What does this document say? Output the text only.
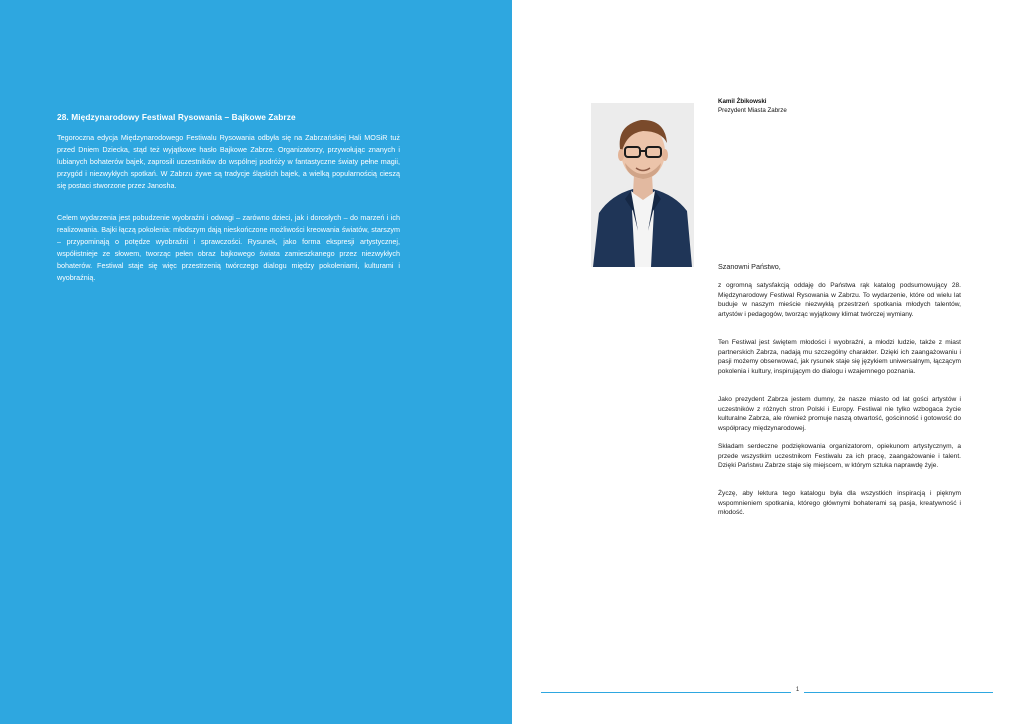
28. Międzynarodowy Festiwal Rysowania – Bajkowe Zabrze

Tegoroczna edycja Międzynarodowego Festiwalu Rysowania odbyła się na Zabrzańskiej Hali MOSiR tuż przed Dniem Dziecka, stąd też wyjątkowe hasło Bajkowe Zabrze. Organizatorzy, przywołując znanych i lubianych bohaterów bajek, zaprosili uczestników do wspólnej podróży w fantastyczne światy pełne magii, przygód i niezwykłych spotkań. W Zabrzu żywe są tradycje śląskich bajek, a wielką popularnością cieszą się postaci stworzone przez Janosha.

Celem wydarzenia jest pobudzenie wyobraźni i odwagi – zarówno dzieci, jak i dorosłych – do marzeń i ich realizowania. Bajki łączą pokolenia: młodszym dają nieskończone możliwości kreowania światów, starszym – przypominają o potędze wyobraźni i sprawczości. Rysunek, jako forma ekspresji artystycznej, współistnieje ze słowem, tworząc pełen obraz bajkowego świata zamieszkanego przez niezwykłych bohaterów. Festiwal staje się więc przestrzenią twórczego dialogu między pokoleniami, kulturami i wyobraźnią.

Kamil Żbikowski
Prezydent Miasta Zabrze
Szanowni Państwo,

z ogromną satysfakcją oddaję do Państwa rąk katalog podsumowujący 28. Międzynarodowy Festiwal Rysowania w Zabrzu. To wydarzenie, które od wielu lat buduje w naszym mieście niezwykłą przestrzeń spotkania młodych talentów, artystów i pedagogów, tworząc wyjątkowy klimat twórczej wymiany.

Ten Festiwal jest świętem młodości i wyobraźni, a młodzi ludzie, także z miast partnerskich Zabrza, nadają mu szczególny charakter. Dzięki ich zaangażowaniu i pasji możemy obserwować, jak rysunek staje się językiem uniwersalnym, łączącym pokolenia i kultury, inspirującym do dialogu i wzajemnego poznania.

Jako prezydent Zabrza jestem dumny, że nasze miasto od lat gości artystów i uczestników z różnych stron Polski i Europy. Festiwal nie tylko wzbogaca życie kulturalne Zabrza, ale również promuje naszą otwartość, gościnność i gotowość do współpracy międzynarodowej.

Składam serdeczne podziękowania organizatorom, opiekunom artystycznym, a przede wszystkim uczestnikom Festiwalu za ich pracę, zaangażowanie i talent. Dzięki Państwu Zabrze staje się miejscem, w którym sztuka naprawdę żyje.

Życzę, aby lektura tego katalogu była dla wszystkich inspiracją i pięknym wspomnieniem spotkania, którego głównymi bohaterami są pasja, kreatywność i młodość.

1
